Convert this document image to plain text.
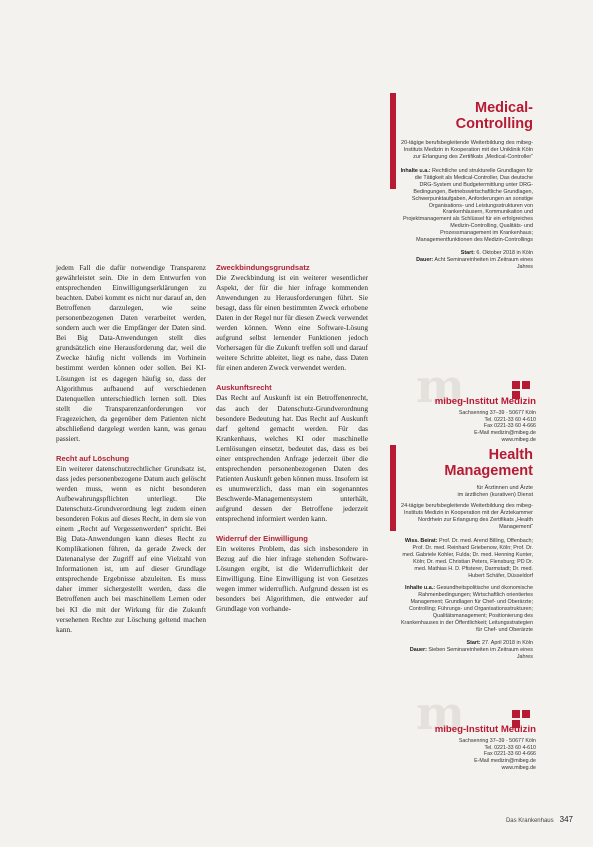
jedem Fall die dafür notwendige Transparenz gewährleistet sein. Die in dem Entwurfen von entsprechenden Einwilligungserklärungen zu beachten. Dabei kommt es nicht nur darauf an, den Betroffenen darzulegen, wie seine personenbezogenen Daten verarbeitet werden, sondern auch wer die Empfänger der Daten sind. Bei Big Data-Anwendungen stellt dies grundsätzlich eine Herausforderung dar, weil die Zwecke häufig nicht vollends im Vorhinein bestimmt werden können oder sollen. Bei KI-Lösungen ist es dagegen häufig so, dass der Algorithmus aufbauend auf verschiedenen Datenquellen unterschiedlich lernen soll. Dies stellt die Transparenzanforderungen vor Fragezeichen, da gegenüber dem Patienten nicht abschließend dargelegt werden kann, was genau passiert.

Recht auf Löschung

Ein weiterer datenschutzrechtlicher Grundsatz ist, dass jedes personenbezogene Datum auch gelöscht werden muss, wenn es nicht besonderen Aufbewahrungspflichten unterliegt. Die Datenschutz-Grundverordnung legt zudem einen besonderen Fokus auf dieses Recht, in dem sie von einem „Recht auf Vergessenwerden“ spricht. Bei Big Data-Anwendungen kann dieses Recht zu Komplikationen führen, da gerade Zweck der Datenanalyse der Zugriff auf eine Vielzahl von Informationen ist, um auf dieser Grundlage entsprechende Ergebnisse abzuleiten. Es muss daher immer sichergestellt werden, dass die Betroffenen auch bei maschinellem Lernen oder bei KI die mit der Wirkung für die Zukunft versehenen Rechte zur Löschung geltend machen kann.

Zweckbindungsgrundsatz

Die Zweckbindung ist ein weiterer wesentlicher Aspekt, der für die hier infrage kommenden Anwendungen zu Herausforderungen führt. Sie besagt, dass für einen bestimmten Zweck erhobene Daten in der Regel nur für diesen Zweck verwendet werden können. Wenn eine Software-Lösung aufgrund selbst lernender Funktionen jedoch Vorhersagen für die Zukunft treffen soll und darauf weitere Schritte ableitet, liegt es nahe, dass Daten für einen anderen Zweck verwendet werden.

Auskunftsrecht

Das Recht auf Auskunft ist ein Betroffenenrecht, das auch der Datenschutz-Grundverordnung besondere Bedeutung hat. Das Recht auf Auskunft darf geltend gemacht werden. Für das Krankenhaus, welches KI oder maschinelle Lernlösungen einsetzt, bedeutet das, dass es bei einer entsprechenden Anfrage jederzeit über die entsprechenden personenbezogenen Daten des Patienten Auskunft geben können muss. Insofern ist es unumwerzlich, dass man ein sogenanntes Beschwerde-Managementsystem unterhält, aufgrund dessen der Betroffene jederzeit entsprechend informiert werden kann.

Widerruf der Einwilligung

Ein weiteres Problem, das sich insbesondere in Bezug auf die hier infrage stehenden Software-Lösungen ergibt, ist die Widerruflichkeit der Einwilligung. Eine Einwilligung ist von Gesetzes wegen immer widerruflich. Aufgrund dessen ist es besonders bei Algorithmen, die entweder auf Grundlage von vorhande-

Medical-

Controlling

20-tägige berufsbegleitende Weiterbildung des mibeg-Instituts Medizin in Kooperation mit der Uniklinik Köln zur Erlangung des Zertifikats „Medical-Controller“

Inhalte u.a.: Rechtliche und strukturelle Grundlagen für die Tätigkeit als Medical-Controller, Das deutsche DRG-System und Budgetermittlung unter DRG-Bedingungen, Betriebswirtschaftliche Grundlagen, Schwerpunktaufgaben, Anforderungen an sonstige Organisations- und Leistungsstrukturen von Krankenhäusern, Kommunikation und Projektmanagement als Schlüssel für ein erfolgreiches Medizin-Controlling, Qualitäts- und Prozessmanagement im Krankenhaus; Managementfunktionen des Medizin-Controllings

Start: 6. Oktober 2018 in Köln

Dauer: Acht Seminareinheiten im Zeitraum eines Jahres

m
mibeg-Institut Medizin
Sachsenring 37–39 · 50677 Köln
Tel. 0221-33 60 4-610
Fax 0221-33 60 4-666
E-Mail medizin@mibeg.de
www.mibeg.de

Health

Management

für Ärztinnen und Ärzte

im ärztlichen (kurativen) Dienst

24-tägige berufsbegleitende Weiterbildung des mibeg-Instituts Medizin in Kooperation mit der Ärztekammer Nordrhein zur Erlangung des Zertifikats „Health Management“

Wiss. Beirat: Prof. Dr. med. Arend Billing, Offenbach; Prof. Dr. med. Reinhard Griebenow, Köln; Prof. Dr. med. Gabriele Kohler, Fulda; Dr. med. Henning Kunter, Köln; Dr. med. Christian Peters, Flensburg; PD Dr. med. Mathias H. D. Pfisterer, Darmstadt; Dr. med. Hubert Schäfer, Düsseldorf

Inhalte u.a.: Gesundheitspolitische und ökonomische Rahmenbedingungen; Wirtschaftlich orientiertes Management; Grundlagen für Chef- und Oberärzte; Controlling; Führungs- und Organisationsstrukturen; Qualitätsmanagement; Positionierung des Krankenhauses in der Öffentlichkeit; Leitungsstrategien für Chef- und Oberärzte

Start: 27. April 2018 in Köln

Dauer: Sieben Seminareinheiten im Zeitraum eines Jahres

m
mibeg-Institut Medizin
Sachsenring 37–39 · 50677 Köln
Tel. 0221-33 60 4-610
Fax 0221-33 60 4-666
E-Mail medizin@mibeg.de
www.mibeg.de
Das Krankenhaus 347
